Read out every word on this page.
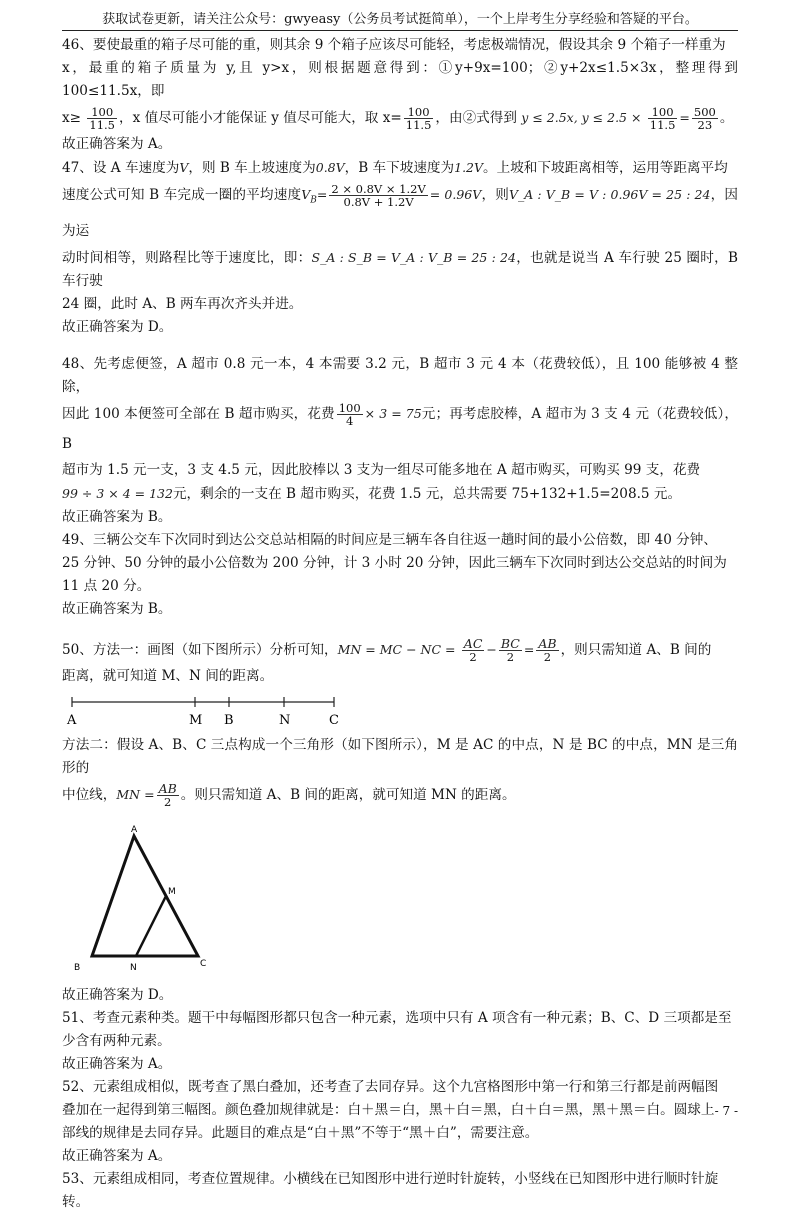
获取试卷更新，请关注公众号：gwyeasy（公务员考试挺简单），一个上岸考生分享经验和答疑的平台。
46、要使最重的箱子尽可能的重，则其余 9 个箱子应该尽可能轻，考虑极端情况，假设其余 9 个箱子一样重为
x，最重的箱子质量为 y,且 y>x，则根据题意得到：①y+9x=100；②y+2x≤1.5×3x，整理得到 100≤11.5x，即
$x\ge \frac{100}{11.5}$ ，x 值尽可能小才能保证 y 值尽可能大，取 $x= \frac{100}{11.5}$ ，由②式得到 y ≤ 2.5x, $y \le 2.5 \times \frac{100}{11.5} = \frac{500}{23}$ 。
故正确答案为 A。
47、设 A 车速度为V，则 B 车上坡速度为0.8V，B 车下坡速度为1.2V。上坡和下坡距离相等，运用等距离平均
速度公式可知 B 车完成一圈的平均速度$V_B= \frac{2 \times 0.8V \times 1.2V}{0.8V + 1.2V} = 0.96V$，则V_A : V_B = V : 0.96V = 25 : 24，因为运
动时间相等，则路程比等于速度比，即：S_A : S_B = V_A : V_B = 25 : 24，也就是说当 A 车行驶 25 圈时，B 车行驶
24 圈，此时 A、B 两车再次齐头并进。
故正确答案为 D。
48、先考虑便签，A 超市 0.8 元一本，4 本需要 3.2 元，B 超市 3 元 4 本（花费较低），且 100 能够被 4 整除，
因此 100 本便签可全部在 B 超市购买，花费 $\frac{100}{4} \times 3 = 75$元；再考虑胶棒，A 超市为 3 支 4 元（花费较低），B
超市为 1.5 元一支，3 支 4.5 元，因此胶棒以 3 支为一组尽可能多地在 A 超市购买，可购买 99 支，花费
99 ÷ 3 × 4 = 132元，剩余的一支在 B 超市购买，花费 1.5 元，总共需要 75+132+1.5=208.5 元。
故正确答案为 B。
49、三辆公交车下次同时到达公交总站相隔的时间应是三辆车各自往返一趟时间的最小公倍数，即 40 分钟、
25 分钟、50 分钟的最小公倍数为 200 分钟，计 3 小时 20 分钟，因此三辆车下次同时到达公交总站的时间为
11 点 20 分。
故正确答案为 B。
50、方法一：画图（如下图所示）分析可知，MN = MC − NC = $\frac{AC}{2} - \frac{BC}{2} = \frac{AB}{2}$ ，则只需知道 A、B 间的
距离，就可知道 M、N 间的距离。
A	M B	N	C
方法二：假设 A、B、C 三点构成一个三角形（如下图所示），M 是 AC 的中点，N 是 BC 的中点，MN 是三角形的
中位线，MN = $\frac{AB}{2}$ 。则只需知道 A、B 间的距离，就可知道 MN 的距离。
A
M
B	N	C
故正确答案为 D。
51、考查元素种类。题干中每幅图形都只包含一种元素，选项中只有 A 项含有一种元素；B、C、D 三项都是至
少含有两种元素。
故正确答案为 A。
52、元素组成相似，既考查了黑白叠加，还考查了去同存异。这个九宫格图形中第一行和第三行都是前两幅图
叠加在一起得到第三幅图。颜色叠加规律就是：白＋黑＝白，黑＋白＝黑，白＋白＝黑，黑＋黑＝白。圆球上
部线的规律是去同存异。此题目的难点是“白＋黑”不等于“黑＋白”，需要注意。
故正确答案为 A。
53、元素组成相同，考查位置规律。小横线在已知图形中进行逆时针旋转，小竖线在已知图形中进行顺时针旋
转。
- 7 -
